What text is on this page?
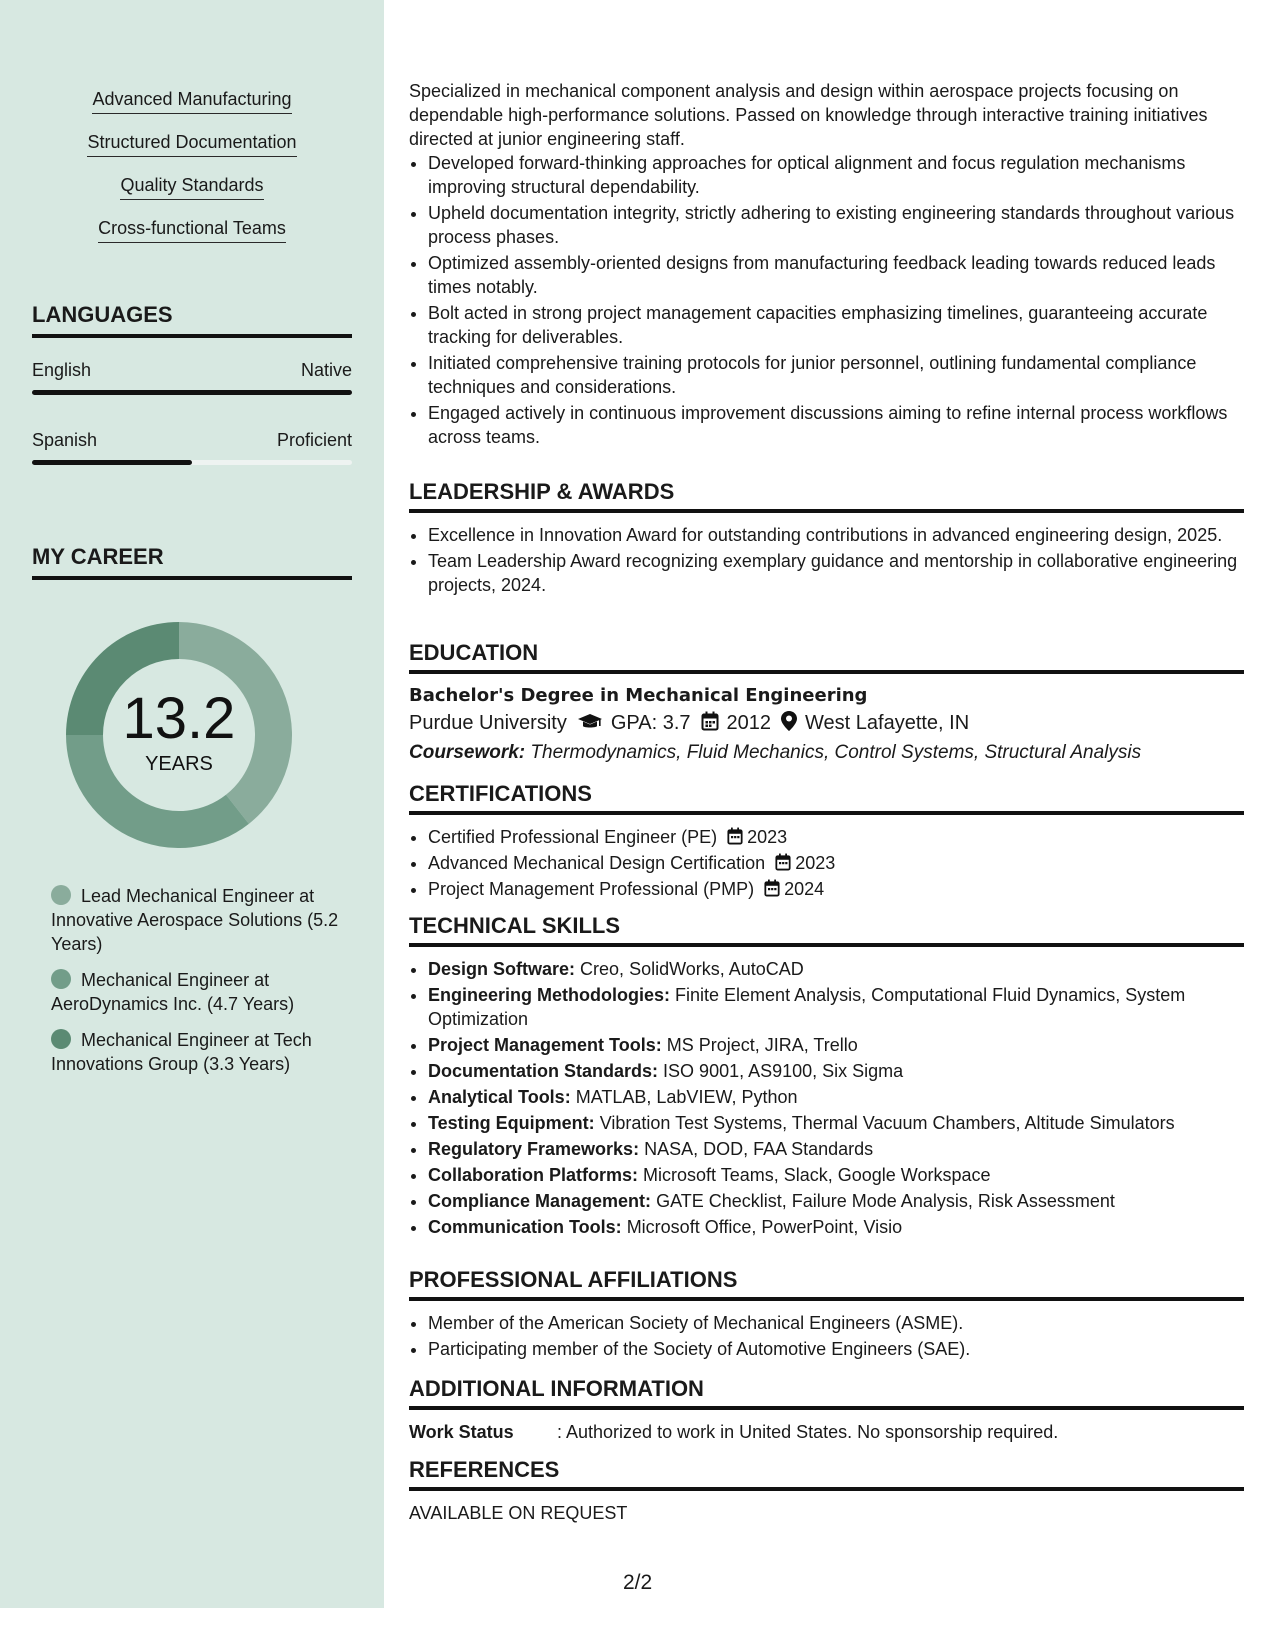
Advanced Manufacturing
Structured Documentation
Quality Standards
Cross-functional Teams
LANGUAGES
English	Native
Spanish	Proficient
MY CAREER
13.2
YEARS
Lead Mechanical Engineer at Innovative Aerospace Solutions (5.2 Years)
Mechanical Engineer at AeroDynamics Inc. (4.7 Years)
Mechanical Engineer at Tech Innovations Group (3.3 Years)
Specialized in mechanical component analysis and design within aerospace projects focusing on dependable high-performance solutions. Passed on knowledge through interactive training initiatives directed at junior engineering staff.
• Developed forward-thinking approaches for optical alignment and focus regulation mechanisms improving structural dependability.
• Upheld documentation integrity, strictly adhering to existing engineering standards throughout various process phases.
• Optimized assembly-oriented designs from manufacturing feedback leading towards reduced leads times notably.
• Bolt acted in strong project management capacities emphasizing timelines, guaranteeing accurate tracking for deliverables.
• Initiated comprehensive training protocols for junior personnel, outlining fundamental compliance techniques and considerations.
• Engaged actively in continuous improvement discussions aiming to refine internal process workflows across teams.
LEADERSHIP & AWARDS
• Excellence in Innovation Award for outstanding contributions in advanced engineering design, 2025.
• Team Leadership Award recognizing exemplary guidance and mentorship in collaborative engineering projects, 2024.
EDUCATION
Bachelor's Degree in Mechanical Engineering
Purdue University GPA: 3.7 2012 West Lafayette, IN
Coursework: Thermodynamics, Fluid Mechanics, Control Systems, Structural Analysis
CERTIFICATIONS
• Certified Professional Engineer (PE) 2023
• Advanced Mechanical Design Certification 2023
• Project Management Professional (PMP) 2024
TECHNICAL SKILLS
• Design Software: Creo, SolidWorks, AutoCAD
• Engineering Methodologies: Finite Element Analysis, Computational Fluid Dynamics, System Optimization
• Project Management Tools: MS Project, JIRA, Trello
• Documentation Standards: ISO 9001, AS9100, Six Sigma
• Analytical Tools: MATLAB, LabVIEW, Python
• Testing Equipment: Vibration Test Systems, Thermal Vacuum Chambers, Altitude Simulators
• Regulatory Frameworks: NASA, DOD, FAA Standards
• Collaboration Platforms: Microsoft Teams, Slack, Google Workspace
• Compliance Management: GATE Checklist, Failure Mode Analysis, Risk Assessment
• Communication Tools: Microsoft Office, PowerPoint, Visio
PROFESSIONAL AFFILIATIONS
• Member of the American Society of Mechanical Engineers (ASME).
• Participating member of the Society of Automotive Engineers (SAE).
ADDITIONAL INFORMATION
Work Status : Authorized to work in United States. No sponsorship required.
REFERENCES
AVAILABLE ON REQUEST
2/2
